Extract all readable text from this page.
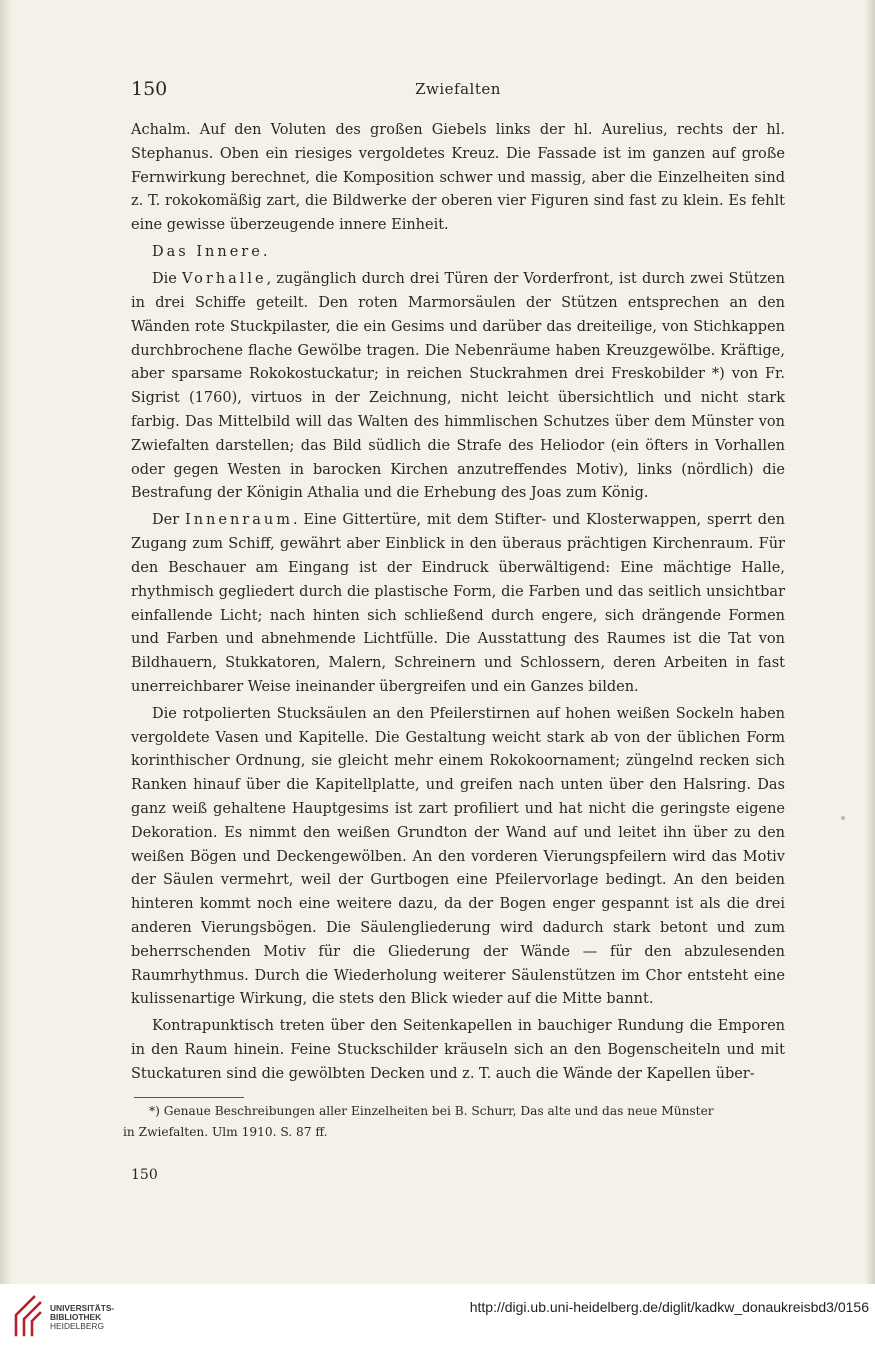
150	Zwiefalten

Achalm. Auf den Voluten des großen Giebels links der hl. Aurelius, rechts der hl. Stephanus. Oben ein riesiges vergoldetes Kreuz. Die Fassade ist im ganzen auf große Fernwirkung berechnet, die Komposition schwer und massig, aber die Einzelheiten sind z. T. rokokomäßig zart, die Bildwerke der oberen vier Figuren sind fast zu klein. Es fehlt eine gewisse überzeugende innere Einheit.

Das Innere.

Die Vorhalle, zugänglich durch drei Türen der Vorderfront, ist durch zwei Stützen in drei Schiffe geteilt. Den roten Marmorsäulen der Stützen entsprechen an den Wänden rote Stuckpilaster, die ein Gesims und darüber das dreiteilige, von Stichkappen durchbrochene flache Gewölbe tragen. Die Nebenräume haben Kreuzgewölbe. Kräftige, aber sparsame Rokokostuckatur; in reichen Stuckrahmen drei Freskobilder *) von Fr. Sigrist (1760), virtuos in der Zeichnung, nicht leicht übersichtlich und nicht stark farbig. Das Mittelbild will das Walten des himmlischen Schutzes über dem Münster von Zwiefalten darstellen; das Bild südlich die Strafe des Heliodor (ein öfters in Vorhallen oder gegen Westen in barocken Kirchen anzutreffendes Motiv), links (nördlich) die Bestrafung der Königin Athalia und die Erhebung des Joas zum König.

Der Innenraum. Eine Gittertüre, mit dem Stifter- und Klosterwappen, sperrt den Zugang zum Schiff, gewährt aber Einblick in den überaus prächtigen Kirchenraum. Für den Beschauer am Eingang ist der Eindruck überwältigend: Eine mächtige Halle, rhythmisch gegliedert durch die plastische Form, die Farben und das seitlich unsichtbar einfallende Licht; nach hinten sich schließend durch engere, sich drängende Formen und Farben und abnehmende Lichtfülle. Die Ausstattung des Raumes ist die Tat von Bildhauern, Stukkatoren, Malern, Schreinern und Schlossern, deren Arbeiten in fast unerreichbarer Weise ineinander übergreifen und ein Ganzes bilden.

Die rotpolierten Stucksäulen an den Pfeilerstirnen auf hohen weißen Sockeln haben vergoldete Vasen und Kapitelle. Die Gestaltung weicht stark ab von der üblichen Form korinthischer Ordnung, sie gleicht mehr einem Rokokoornament; züngelnd recken sich Ranken hinauf über die Kapitellplatte, und greifen nach unten über den Halsring. Das ganz weiß gehaltene Hauptgesims ist zart profiliert und hat nicht die geringste eigene Dekoration. Es nimmt den weißen Grundton der Wand auf und leitet ihn über zu den weißen Bögen und Deckengewölben. An den vorderen Vierungspfeilern wird das Motiv der Säulen vermehrt, weil der Gurtbogen eine Pfeilervorlage bedingt. An den beiden hinteren kommt noch eine weitere dazu, da der Bogen enger gespannt ist als die drei anderen Vierungsbögen. Die Säulengliederung wird dadurch stark betont und zum beherrschenden Motiv für die Gliederung der Wände — für den abzulesenden Raumrhythmus. Durch die Wiederholung weiterer Säulenstützen im Chor entsteht eine kulissenartige Wirkung, die stets den Blick wieder auf die Mitte bannt.

Kontrapunktisch treten über den Seitenkapellen in bauchiger Rundung die Emporen in den Raum hinein. Feine Stuckschilder kräuseln sich an den Bogenscheiteln und mit Stuckaturen sind die gewölbten Decken und z. T. auch die Wände der Kapellen über-

*) Genaue Beschreibungen aller Einzelheiten bei B. Schurr, Das alte und das neue Münster
in Zwiefalten. Ulm 1910. S. 87 ff.
150
UNIVERSITÄTS-
BIBLIOTHEK
HEIDELBERG
http://digi.ub.uni-heidelberg.de/diglit/kadkw_donaukreisbd3/0156
